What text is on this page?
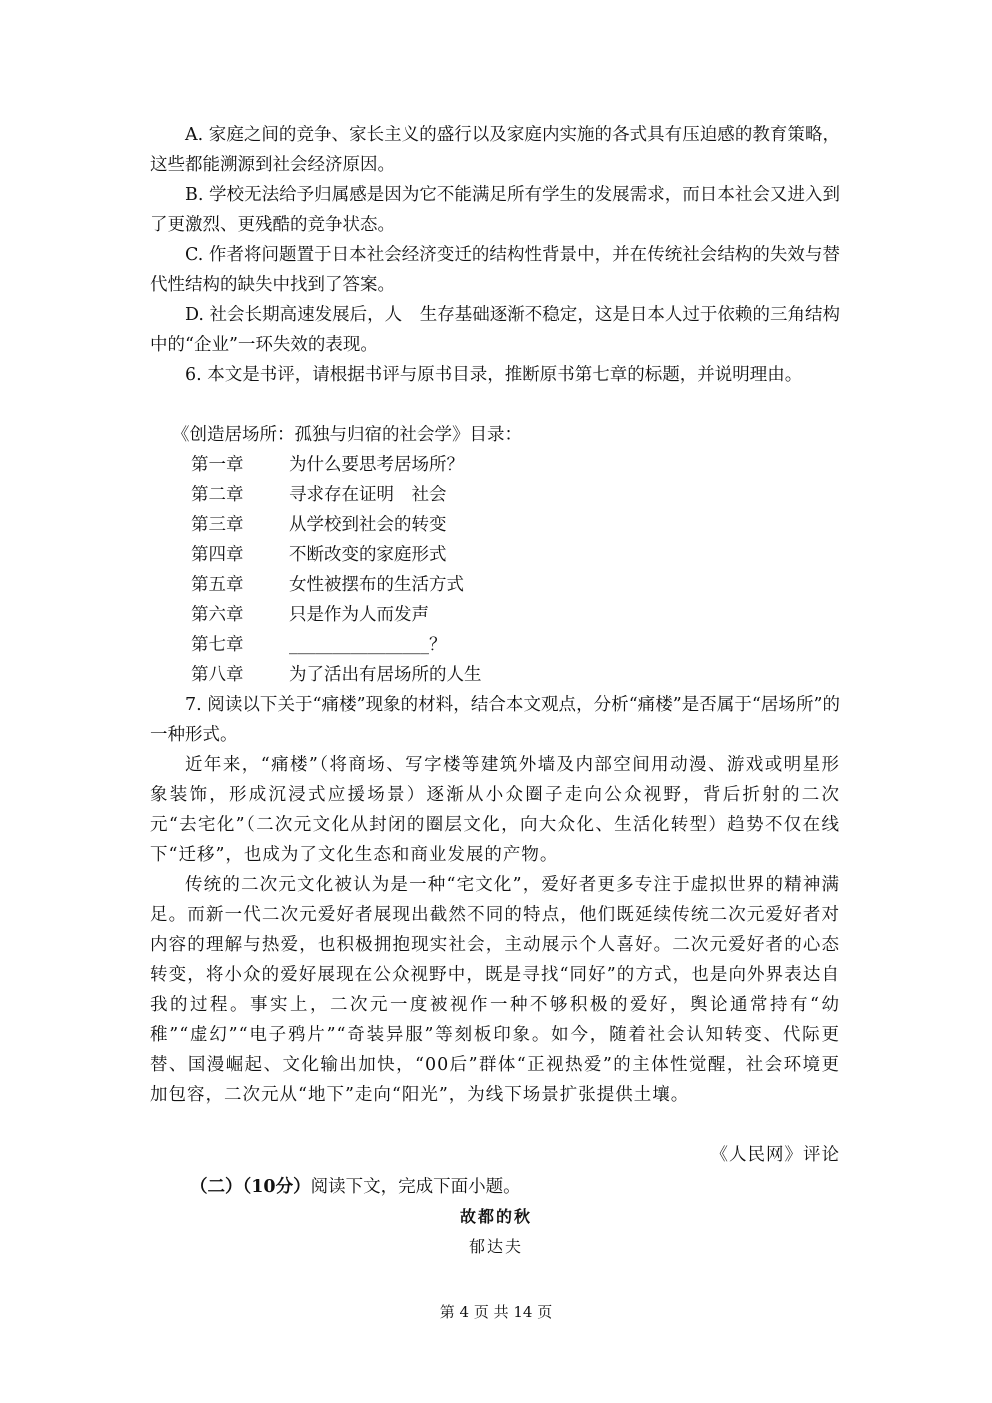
A. 家庭之间的竞争、家长主义的盛行以及家庭内实施的各式具有压迫感的教育策略，这些都能溯源到社会经济原因。

B. 学校无法给予归属感是因为它不能满足所有学生的发展需求，而日本社会又进入到了更激烈、更残酷的竞争状态。

C. 作者将问题置于日本社会经济变迁的结构性背景中，并在传统社会结构的失效与替代性结构的缺失中找到了答案。

D. 社会长期高速发展后，人　生存基础逐渐不稳定，这是日本人过于依赖的三角结构中的“企业”一环失效的表现。

6. 本文是书评，请根据书评与原书目录，推断原书第七章的标题，并说明理由。

《创造居场所：孤独与归宿的社会学》目录：

第一章	为什么要思考居场所？
第二章	寻求存在证明　社会
第三章	从学校到社会的转变
第四章	不断改变的家庭形式
第五章	女性被摆布的生活方式
第六章	只是作为人而发声
第七章	________________？
第八章	为了活出有居场所的人生

7. 阅读以下关于“痛楼”现象的材料，结合本文观点，分析“痛楼”是否属于“居场所”的一种形式。

近年来，“痛楼”（将商场、写字楼等建筑外墙及内部空间用动漫、游戏或明星形象装饰，形成沉浸式应援场景）逐渐从小众圈子走向公众视野，背后折射的二次元“去宅化”（二次元文化从封闭的圈层文化，向大众化、生活化转型）趋势不仅在线下“迁移”，也成为了文化生态和商业发展的产物。

传统的二次元文化被认为是一种“宅文化”，爱好者更多专注于虚拟世界的精神满足。而新一代二次元爱好者展现出截然不同的特点，他们既延续传统二次元爱好者对内容的理解与热爱，也积极拥抱现实社会，主动展示个人喜好。二次元爱好者的心态转变，将小众的爱好展现在公众视野中，既是寻找“同好”的方式，也是向外界表达自我的过程。事实上，二次元一度被视作一种不够积极的爱好，舆论通常持有“幼稚”“虚幻”“电子鸦片”“奇装异服”等刻板印象。如今，随着社会认知转变、代际更替、国漫崛起、文化输出加快，“00后”群体“正视热爱”的主体性觉醒，社会环境更加包容，二次元从“地下”走向“阳光”，为线下场景扩张提供土壤。

《人民网》评论
（二）（10分）阅读下文，完成下面小题。
故都的秋
郁达夫
第 4 页 共 14 页
